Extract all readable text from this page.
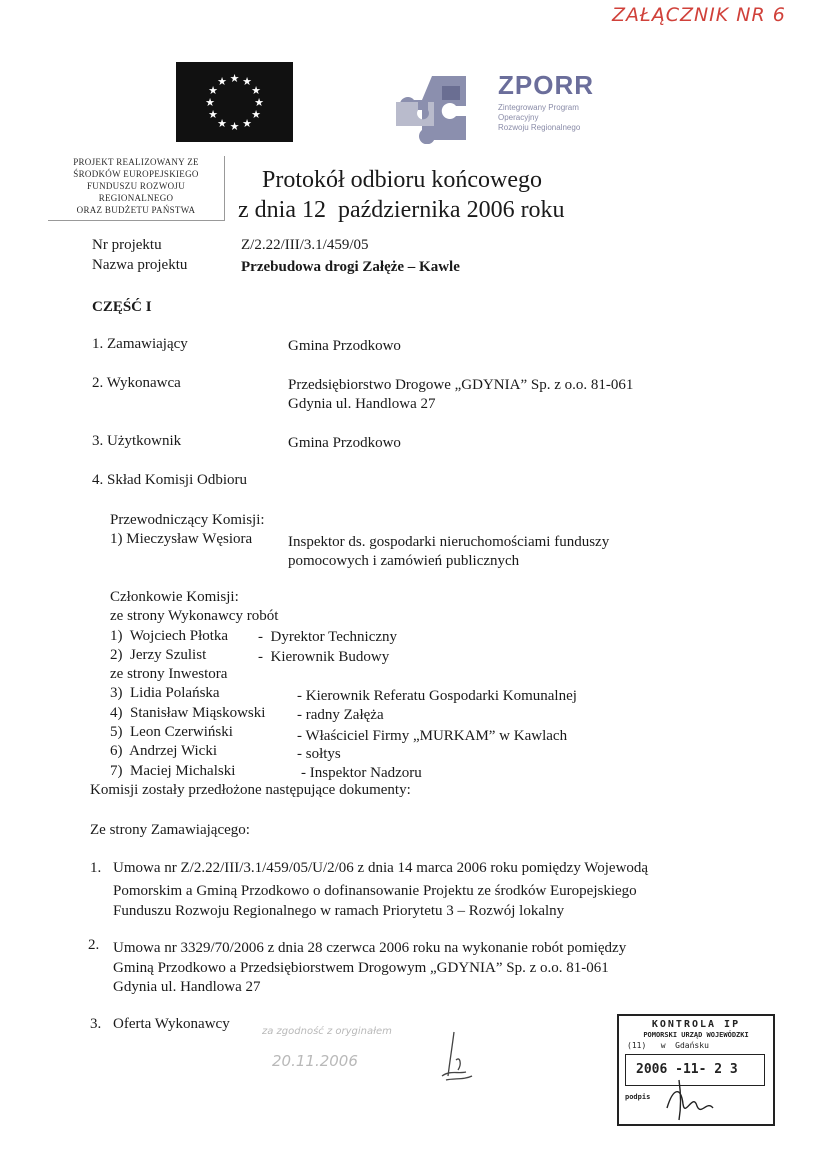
ZAŁĄCZNIK NR 6
★ ★
★
★
★
★
★
★
★
★
★
★	ZPORR
Zintegrowany Program
Operacyjny
Rozwoju Regionalnego
PROJEKT REALIZOWANY ZE
ŚRODKÓW EUROPEJSKIEGO
FUNDUSZU ROZWOJU
REGIONALNEGO
ORAZ BUDŻETU PAŃSTWA
Protokół odbioru końcowego
z dnia 12  października 2006 roku
Nr projektu	Z/2.22/III/3.1/459/05
Nazwa projektu	Przebudowa drogi Załęże – Kawle
CZĘŚĆ I
1. Zamawiający	Gmina Przodkowo
2. Wykonawca	Przedsiębiorstwo Drogowe „GDYNIA” Sp. z o.o. 81-061
Gdynia ul. Handlowa 27
3. Użytkownik	Gmina Przodkowo
4. Skład Komisji Odbioru
Przewodniczący Komisji:
1) Mieczysław Węsiora Inspektor ds. gospodarki nieruchomościami funduszy
pomocowych i zamówień publicznych
Członkowie Komisji:
ze strony Wykonawcy robót
1)  Wojciech Płotka -  Dyrektor Techniczny
2)  Jerzy Szulist	-  Kierownik Budowy
ze strony Inwestora
3)  Lidia Polańska	- Kierownik Referatu Gospodarki Komunalnej
4)  Stanisław Miąskowski - radny Załęża
5)  Leon Czerwiński	- Właściciel Firmy „MURKAM” w Kawlach
6)  Andrzej Wicki	- sołtys
7)  Maciej Michalski	- Inspektor Nadzoru
Komisji zostały przedłożone następujące dokumenty:
Ze strony Zamawiającego:
1. Umowa nr Z/2.22/III/3.1/459/05/U/2/06 z dnia 14 marca 2006 roku pomiędzy Wojewodą
Pomorskim a Gminą Przodkowo o dofinansowanie Projektu ze środków Europejskiego
Funduszu Rozwoju Regionalnego w ramach Priorytetu 3 – Rozwój lokalny
2. Umowa nr 3329/70/2006 z dnia 28 czerwca 2006 roku na wykonanie robót pomiędzy
Gminą Przodkowo a Przedsiębiorstwem Drogowym „GDYNIA” Sp. z o.o. 81-061
Gdynia ul. Handlowa 27
3. Oferta Wykonawcy	za zgodność z oryginałem
20.11.2006
KONTROLA IP
POMORSKI URZĄD WOJEWÓDZKI
(11)   w  Gdańsku
2006 -11- 2 3
podpis
